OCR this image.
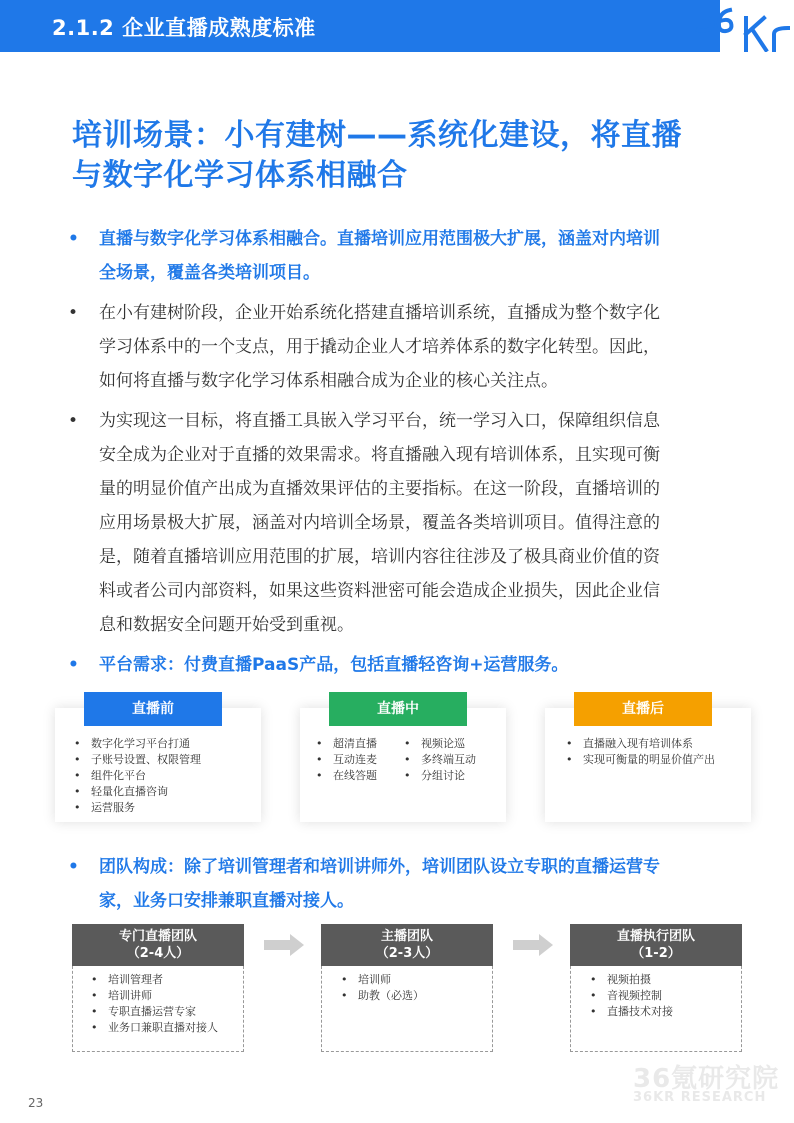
2.1.2 企业直播成熟度标准
培训场景：小有建树——系统化建设，将直播
与数字化学习体系相融合
• 直播与数字化学习体系相融合。直播培训应用范围极大扩展，涵盖对内培训
全场景，覆盖各类培训项目。
• 在小有建树阶段，企业开始系统化搭建直播培训系统，直播成为整个数字化
学习体系中的一个支点，用于撬动企业人才培养体系的数字化转型。因此，
如何将直播与数字化学习体系相融合成为企业的核心关注点。
• 为实现这一目标，将直播工具嵌入学习平台，统一学习入口，保障组织信息
安全成为企业对于直播的效果需求。将直播融入现有培训体系，且实现可衡
量的明显价值产出成为直播效果评估的主要指标。在这一阶段，直播培训的
应用场景极大扩展，涵盖对内培训全场景，覆盖各类培训项目。值得注意的
是，随着直播培训应用范围的扩展，培训内容往往涉及了极具商业价值的资
料或者公司内部资料，如果这些资料泄密可能会造成企业损失，因此企业信
息和数据安全问题开始受到重视。
• 平台需求：付费直播PaaS产品，包括直播轻咨询+运营服务。
直播前
• 数字化学习平台打通
• 子账号设置、权限管理
• 组件化平台
• 轻量化直播咨询
• 运营服务
直播中
• 超清直播
• 互动连麦
• 在线答题
• 视频论巡
• 多终端互动
• 分组讨论
直播后
• 直播融入现有培训体系
• 实现可衡量的明显价值产出
• 团队构成：除了培训管理者和培训讲师外，培训团队设立专职的直播运营专
家，业务口安排兼职直播对接人。
专门直播团队
（2-4人）
• 培训管理者
• 培训讲师
• 专职直播运营专家
• 业务口兼职直播对接人
主播团队
（2-3人）
• 培训师
• 助教（必选）
直播执行团队
（1-2）
• 视频拍摄
• 音视频控制
• 直播技术对接
36氪研究院
36KR RESEARCH
23
